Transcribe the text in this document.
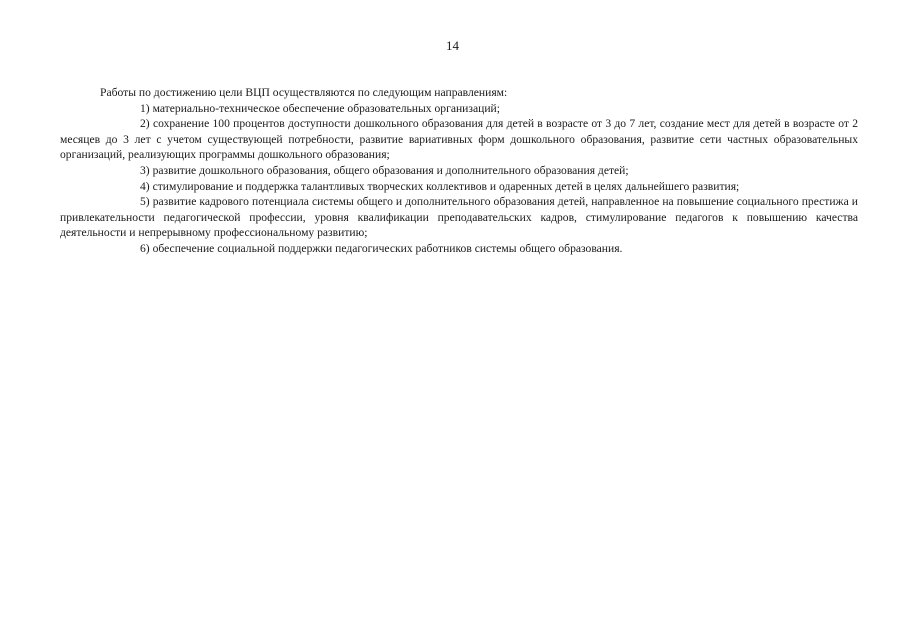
14

Работы по достижению цели ВЦП осуществляются по следующим направлениям:

1) материально-техническое обеспечение образовательных организаций;

2) сохранение 100 процентов доступности дошкольного образования для детей в возрасте от 3 до 7 лет, создание мест для детей в возрасте от 2 месяцев до 3 лет с учетом существующей потребности, развитие вариативных форм дошкольного образования, развитие сети частных образовательных организаций, реализующих программы дошкольного образования;

3) развитие дошкольного образования, общего образования и дополнительного образования детей;

4) стимулирование и поддержка талантливых творческих коллективов и одаренных детей в целях дальнейшего развития;

5) развитие кадрового потенциала системы общего и дополнительного образования детей, направленное на повышение социального престижа и привлекательности педагогической профессии, уровня квалификации преподавательских кадров, стимулирование педагогов к повышению качества деятельности и непрерывному профессиональному развитию;

6) обеспечение социальной поддержки педагогических работников системы общего образования.
